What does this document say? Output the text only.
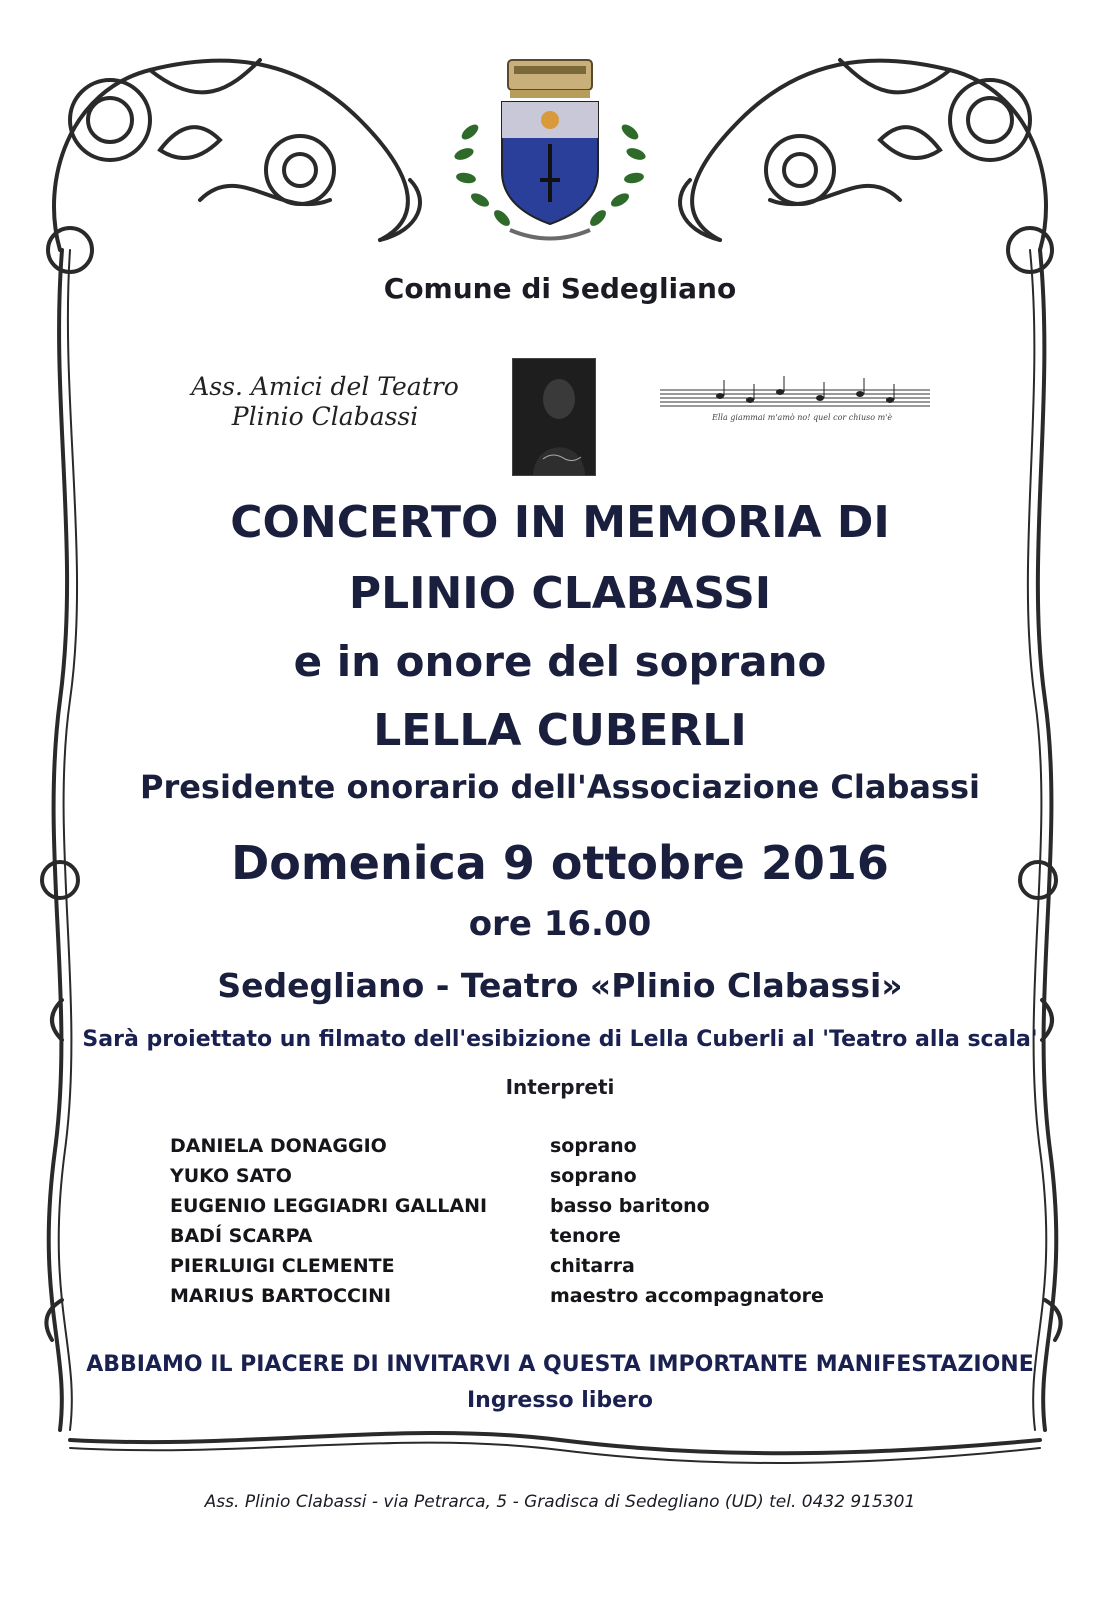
Comune di Sedegliano
Ass. Amici del Teatro
Plinio Clabassi	Ella giammai m'amò no! quel cor chiuso m'è
CONCERTO IN MEMORIA DI
PLINIO CLABASSI
e in onore del soprano
LELLA CUBERLI
Presidente onorario dell'Associazione Clabassi
Domenica 9 ottobre 2016
ore 16.00
Sedegliano - Teatro «Plinio Clabassi»
Sarà proiettato un filmato dell'esibizione di Lella Cuberli al 'Teatro alla scala'
Interpreti
DANIELA DONAGGIO	soprano
YUKO SATO	soprano
EUGENIO LEGGIADRI GALLANI	basso baritono
BADÍ SCARPA	tenore
PIERLUIGI CLEMENTE	chitarra
MARIUS BARTOCCINI	maestro accompagnatore
ABBIAMO IL PIACERE DI INVITARVI A QUESTA IMPORTANTE MANIFESTAZIONE
Ingresso libero
Ass. Plinio Clabassi - via Petrarca, 5 - Gradisca di Sedegliano (UD) tel. 0432 915301
